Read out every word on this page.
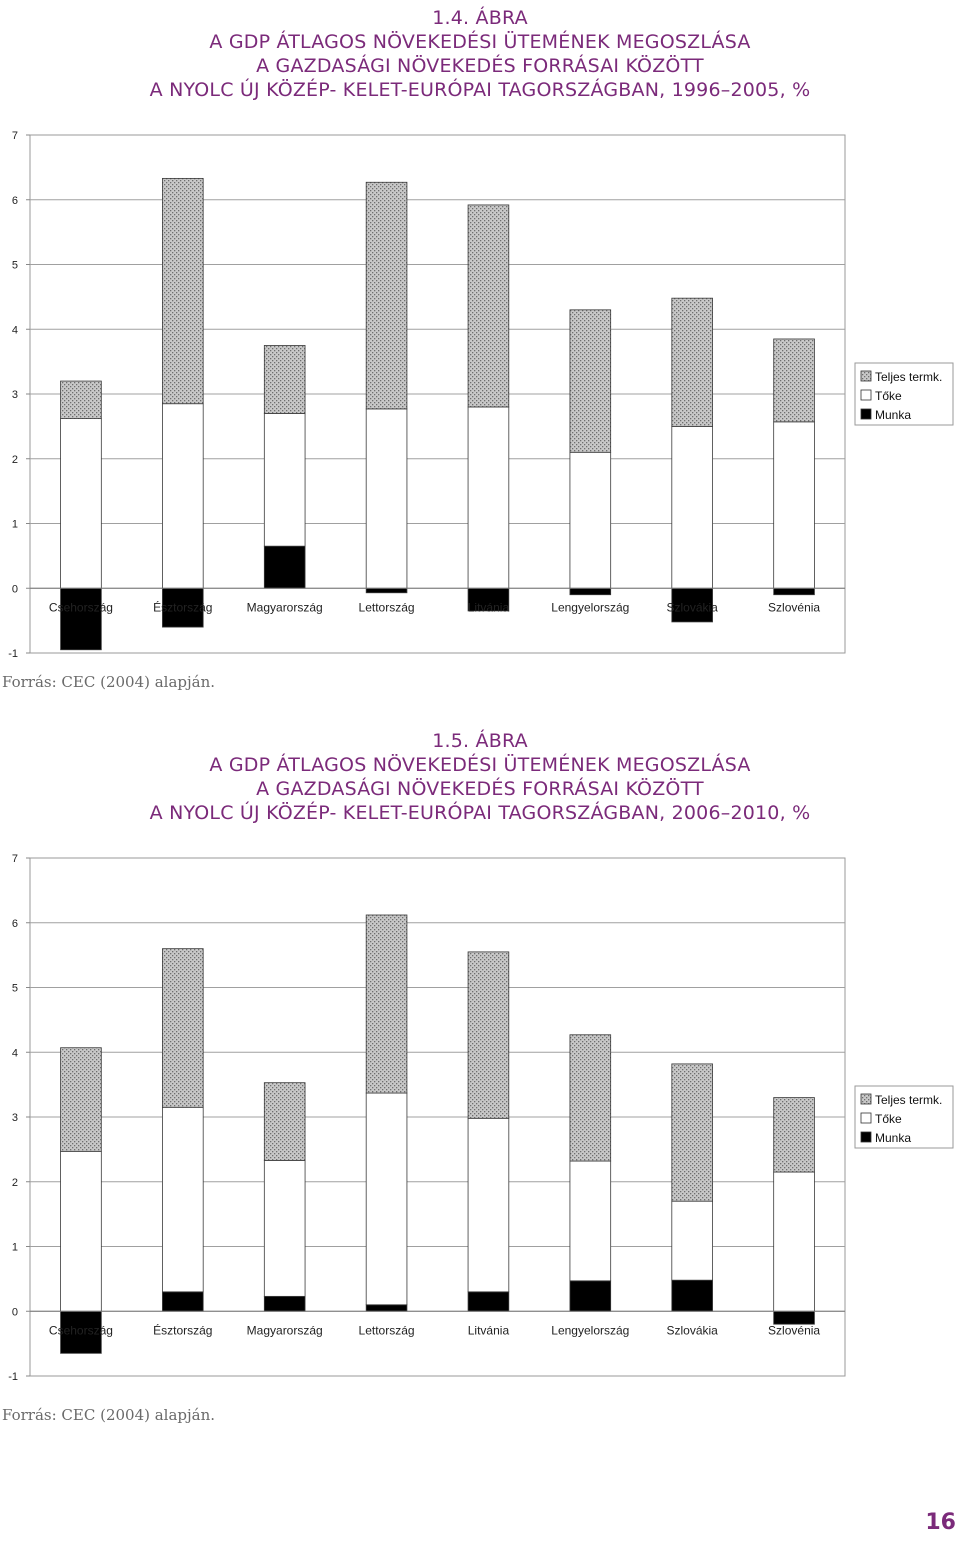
1.4. ÁBRA
A GDP ÁTLAGOS NÖVEKEDÉSI ÜTEMÉNEK MEGOSZLÁSA
A GAZDASÁGI NÖVEKEDÉS FORRÁSAI KÖZÖTT
A NYOLC ÚJ KÖZÉP- KELET-EURÓPAI TAGORSZÁGBAN, 1996–2005, %
7
6
5
4
3
2
1
0
-1
Csehország	Észtország	Magyarország	Lettország	Litvánia	Lengyelország	Szlovákia	Szlovénia
Teljes termk.
Tőke
Munka
Forrás: CEC (2004) alapján.
1.5. ÁBRA
A GDP ÁTLAGOS NÖVEKEDÉSI ÜTEMÉNEK MEGOSZLÁSA
A GAZDASÁGI NÖVEKEDÉS FORRÁSAI KÖZÖTT
A NYOLC ÚJ KÖZÉP- KELET-EURÓPAI TAGORSZÁGBAN, 2006–2010, %
7
6
5
4
3
2
1
0
-1
Csehország	Észtország	Magyarország	Lettország	Litvánia	Lengyelország	Szlovákia	Szlovénia
Teljes termk.
Tőke
Munka
Forrás: CEC (2004) alapján.
16
